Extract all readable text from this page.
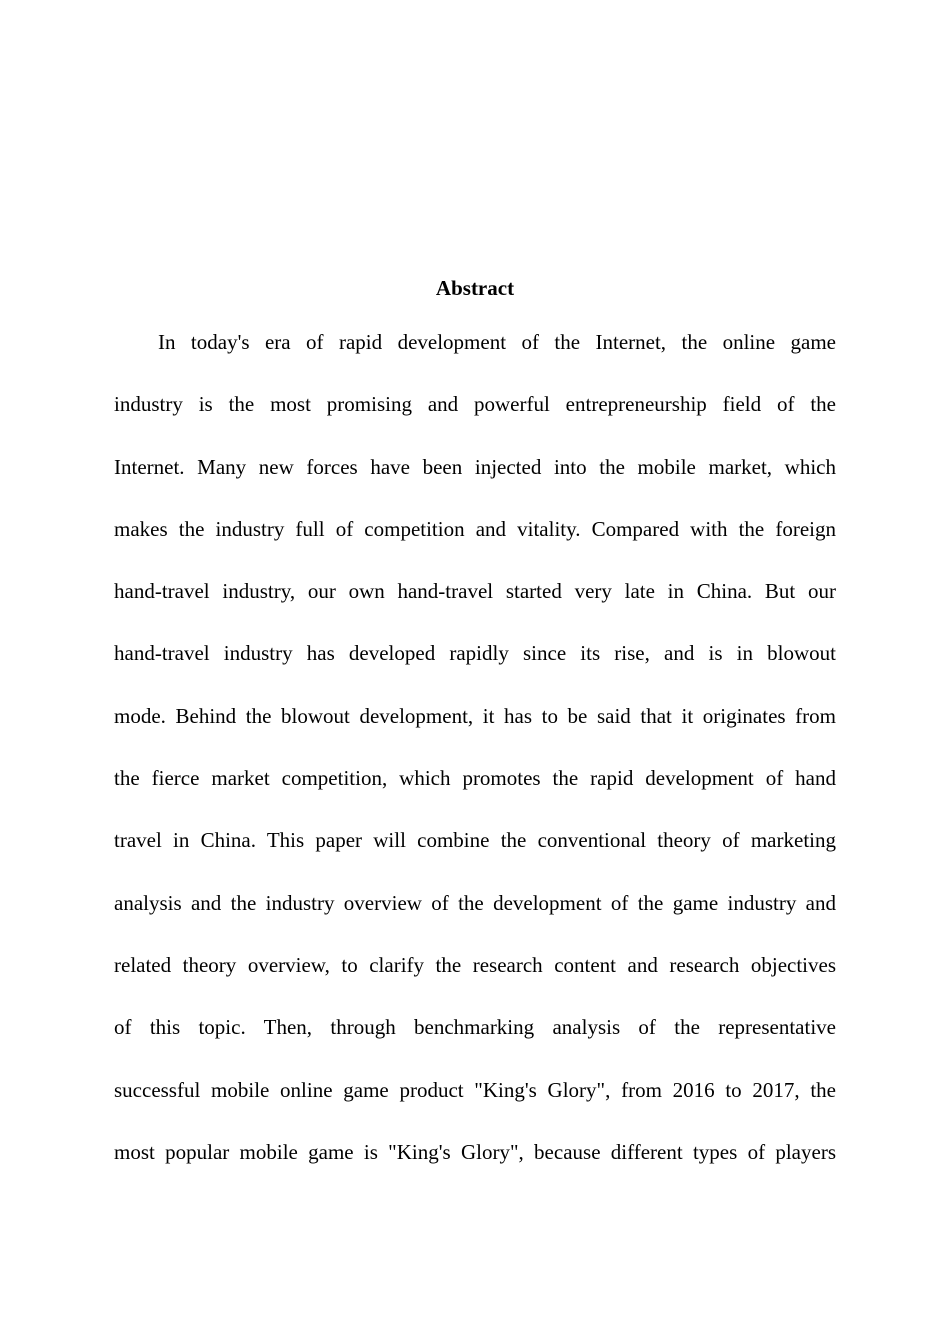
Abstract
In today's era of rapid development of the Internet, the online game
industry is the most promising and powerful entrepreneurship field of the
Internet. Many new forces have been injected into the mobile market, which
makes the industry full of competition and vitality. Compared with the foreign
hand-travel industry, our own hand-travel started very late in China. But our
hand-travel industry has developed rapidly since its rise, and is in blowout
mode. Behind the blowout development, it has to be said that it originates from
the fierce market competition, which promotes the rapid development of hand
travel in China. This paper will combine the conventional theory of marketing
analysis and the industry overview of the development of the game industry and
related theory overview, to clarify the research content and research objectives
of this topic. Then, through benchmarking analysis of the representative
successful mobile online game product "King's Glory", from 2016 to 2017, the
most popular mobile game is "King's Glory", because different types of players
